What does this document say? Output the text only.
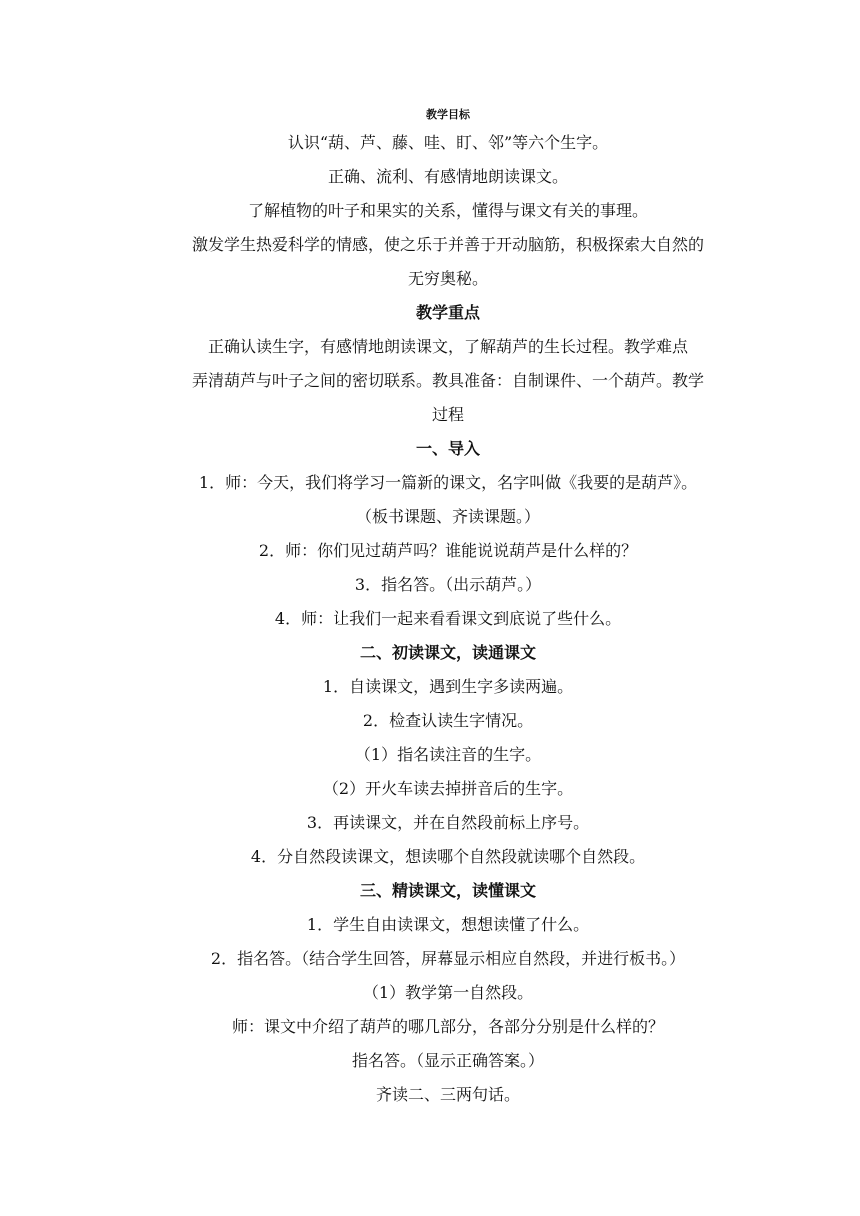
教学目标
认识“葫、芦、藤、哇、盯、邻”等六个生字。
正确、流利、有感情地朗读课文。
了解植物的叶子和果实的关系，懂得与课文有关的事理。
激发学生热爱科学的情感，使之乐于并善于开动脑筋，积极探索大自然的
无穷奥秘。
教学重点
正确认读生字，有感情地朗读课文，了解葫芦的生长过程。教学难点
弄清葫芦与叶子之间的密切联系。教具准备：自制课件、一个葫芦。教学
过程
一、导入
1．师：今天，我们将学习一篇新的课文，名字叫做《我要的是葫芦》。
（板书课题、齐读课题。）
2．师：你们见过葫芦吗？谁能说说葫芦是什么样的？
3．指名答。（出示葫芦。）
4．师：让我们一起来看看课文到底说了些什么。
二、初读课文，读通课文
1．自读课文，遇到生字多读两遍。
2．检查认读生字情况。
（1）指名读注音的生字。
（2）开火车读去掉拼音后的生字。
3．再读课文，并在自然段前标上序号。
4．分自然段读课文，想读哪个自然段就读哪个自然段。
三、精读课文，读懂课文
1．学生自由读课文，想想读懂了什么。
2．指名答。（结合学生回答，屏幕显示相应自然段，并进行板书。）
（1）教学第一自然段。
师：课文中介绍了葫芦的哪几部分，各部分分别是什么样的？
指名答。（显示正确答案。）
齐读二、三两句话。
